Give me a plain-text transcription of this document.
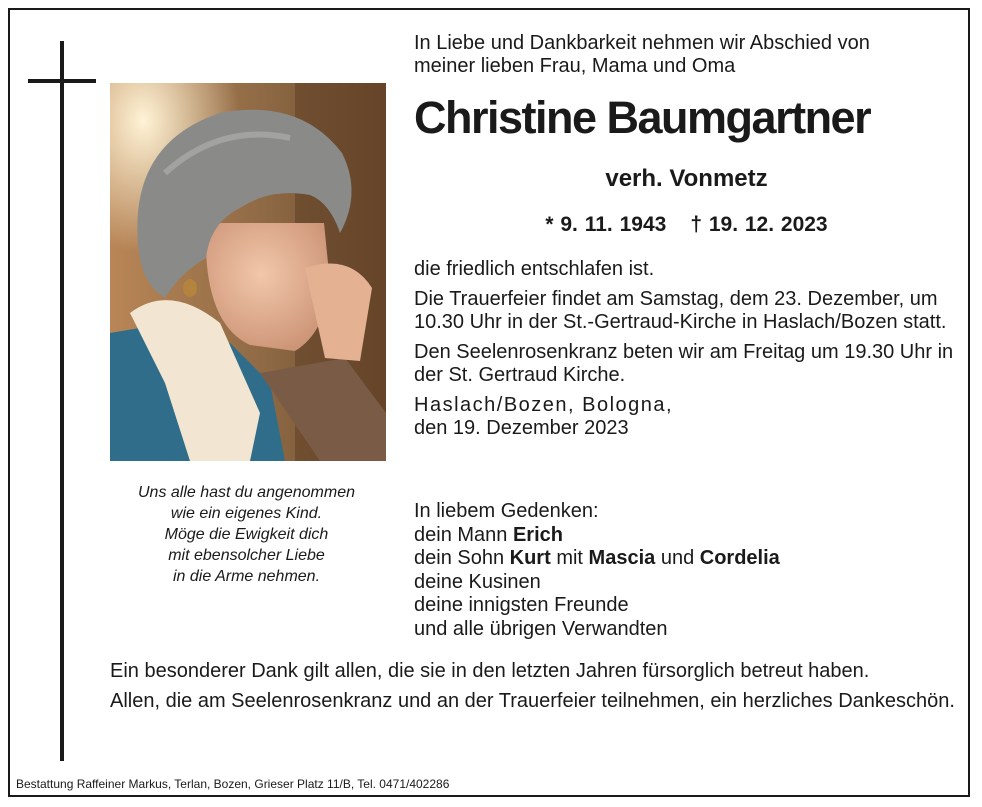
Uns alle hast du angenommen
wie ein eigenes Kind.
Möge die Ewigkeit dich
mit ebensolcher Liebe
in die Arme nehmen.
In Liebe und Dankbarkeit nehmen wir Abschied von
meiner lieben Frau, Mama und Oma
Christine Baumgartner
verh. Vonmetz
* 9. 11. 1943 † 19. 12. 2023

die friedlich entschlafen ist.

Die Trauerfeier findet am Samstag, dem 23. Dezember, um 10.30 Uhr in der St.-Gertraud-Kirche in Haslach/Bozen statt.

Den Seelenrosenkranz beten wir am Freitag um 19.30 Uhr in der St. Gertraud Kirche.

Haslach/Bozen, Bologna,
den 19. Dezember 2023
In liebem Gedenken:
dein Mann Erich
dein Sohn Kurt mit Mascia und Cordelia
deine Kusinen
deine innigsten Freunde
und alle übrigen Verwandten

Ein besonderer Dank gilt allen, die sie in den letzten Jahren fürsorglich betreut haben.

Allen, die am Seelenrosenkranz und an der Trauerfeier teilnehmen, ein herzliches Dankeschön.

Bestattung Raffeiner Markus, Terlan, Bozen, Grieser Platz 11/B, Tel. 0471/402286
